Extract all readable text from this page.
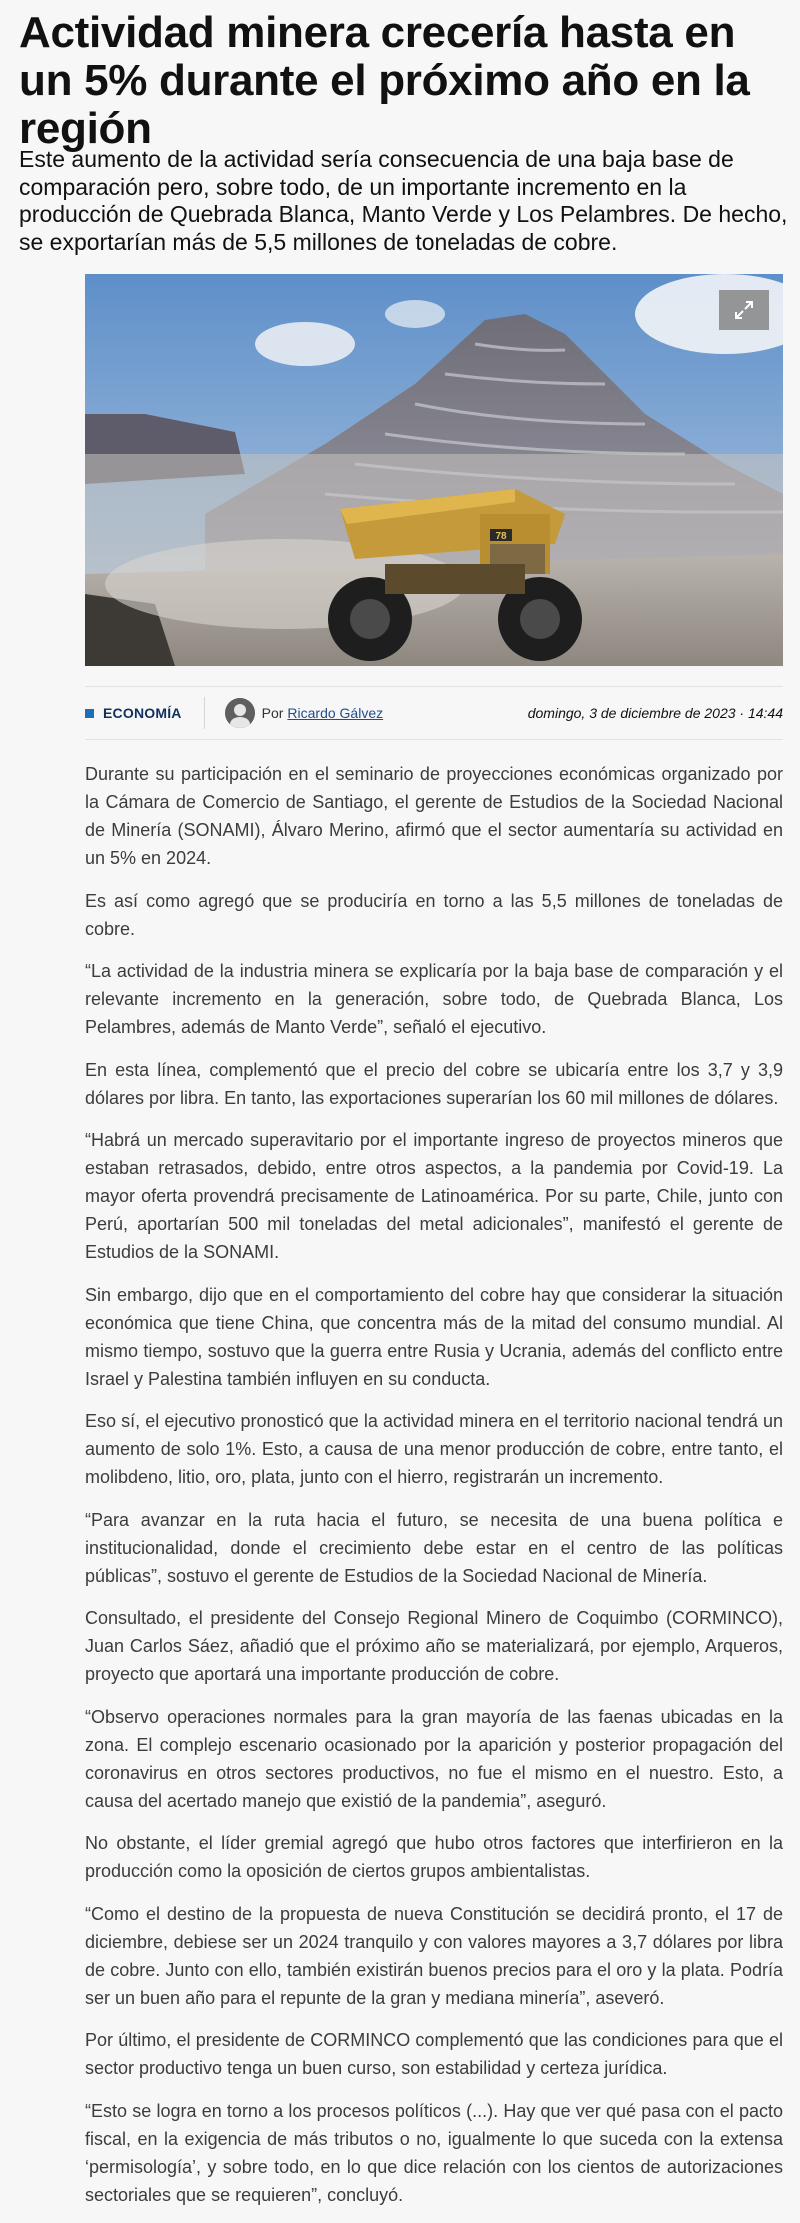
Actividad minera crecería hasta en un 5% durante el próximo año en la región

Este aumento de la actividad sería consecuencia de una baja base de comparación pero, sobre todo, de un importante incremento en la producción de Quebrada Blanca, Manto Verde y Los Pelambres. De hecho, se exportarían más de 5,5 millones de toneladas de cobre.

78
ECONOMÍA	Por Ricardo Gálvez	domingo, 3 de diciembre de 2023 · 14:44

Durante su participación en el seminario de proyecciones económicas organizado por la Cámara de Comercio de Santiago, el gerente de Estudios de la Sociedad Nacional de Minería (SONAMI), Álvaro Merino, afirmó que el sector aumentaría su actividad en un 5% en 2024.

Es así como agregó que se produciría en torno a las 5,5 millones de toneladas de cobre.

“La actividad de la industria minera se explicaría por la baja base de comparación y el relevante incremento en la generación, sobre todo, de Quebrada Blanca, Los Pelambres, además de Manto Verde”, señaló el ejecutivo.

En esta línea, complementó que el precio del cobre se ubicaría entre los 3,7 y 3,9 dólares por libra. En tanto, las exportaciones superarían los 60 mil millones de dólares.

“Habrá un mercado superavitario por el importante ingreso de proyectos mineros que estaban retrasados, debido, entre otros aspectos, a la pandemia por Covid-19. La mayor oferta provendrá precisamente de Latinoamérica. Por su parte, Chile, junto con Perú, aportarían 500 mil toneladas del metal adicionales”, manifestó el gerente de Estudios de la SONAMI.

Sin embargo, dijo que en el comportamiento del cobre hay que considerar la situación económica que tiene China, que concentra más de la mitad del consumo mundial. Al mismo tiempo, sostuvo que la guerra entre Rusia y Ucrania, además del conflicto entre Israel y Palestina también influyen en su conducta.

Eso sí, el ejecutivo pronosticó que la actividad minera en el territorio nacional tendrá un aumento de solo 1%. Esto, a causa de una menor producción de cobre, entre tanto, el molibdeno, litio, oro, plata, junto con el hierro, registrarán un incremento.

“Para avanzar en la ruta hacia el futuro, se necesita de una buena política e institucionalidad, donde el crecimiento debe estar en el centro de las políticas públicas”, sostuvo el gerente de Estudios de la Sociedad Nacional de Minería.

Consultado, el presidente del Consejo Regional Minero de Coquimbo (CORMINCO), Juan Carlos Sáez, añadió que el próximo año se materializará, por ejemplo, Arqueros, proyecto que aportará una importante producción de cobre.

“Observo operaciones normales para la gran mayoría de las faenas ubicadas en la zona. El complejo escenario ocasionado por la aparición y posterior propagación del coronavirus en otros sectores productivos, no fue el mismo en el nuestro. Esto, a causa del acertado manejo que existió de la pandemia”, aseguró.

No obstante, el líder gremial agregó que hubo otros factores que interfirieron en la producción como la oposición de ciertos grupos ambientalistas.

“Como el destino de la propuesta de nueva Constitución se decidirá pronto, el 17 de diciembre, debiese ser un 2024 tranquilo y con valores mayores a 3,7 dólares por libra de cobre. Junto con ello, también existirán buenos precios para el oro y la plata. Podría ser un buen año para el repunte de la gran y mediana minería”, aseveró.

Por último, el presidente de CORMINCO complementó que las condiciones para que el sector productivo tenga un buen curso, son estabilidad y certeza jurídica.

“Esto se logra en torno a los procesos políticos (...). Hay que ver qué pasa con el pacto fiscal, en la exigencia de más tributos o no, igualmente lo que suceda con la extensa ‘permisología’, y sobre todo, en lo que dice relación con los cientos de autorizaciones sectoriales que se requieren”, concluyó.
